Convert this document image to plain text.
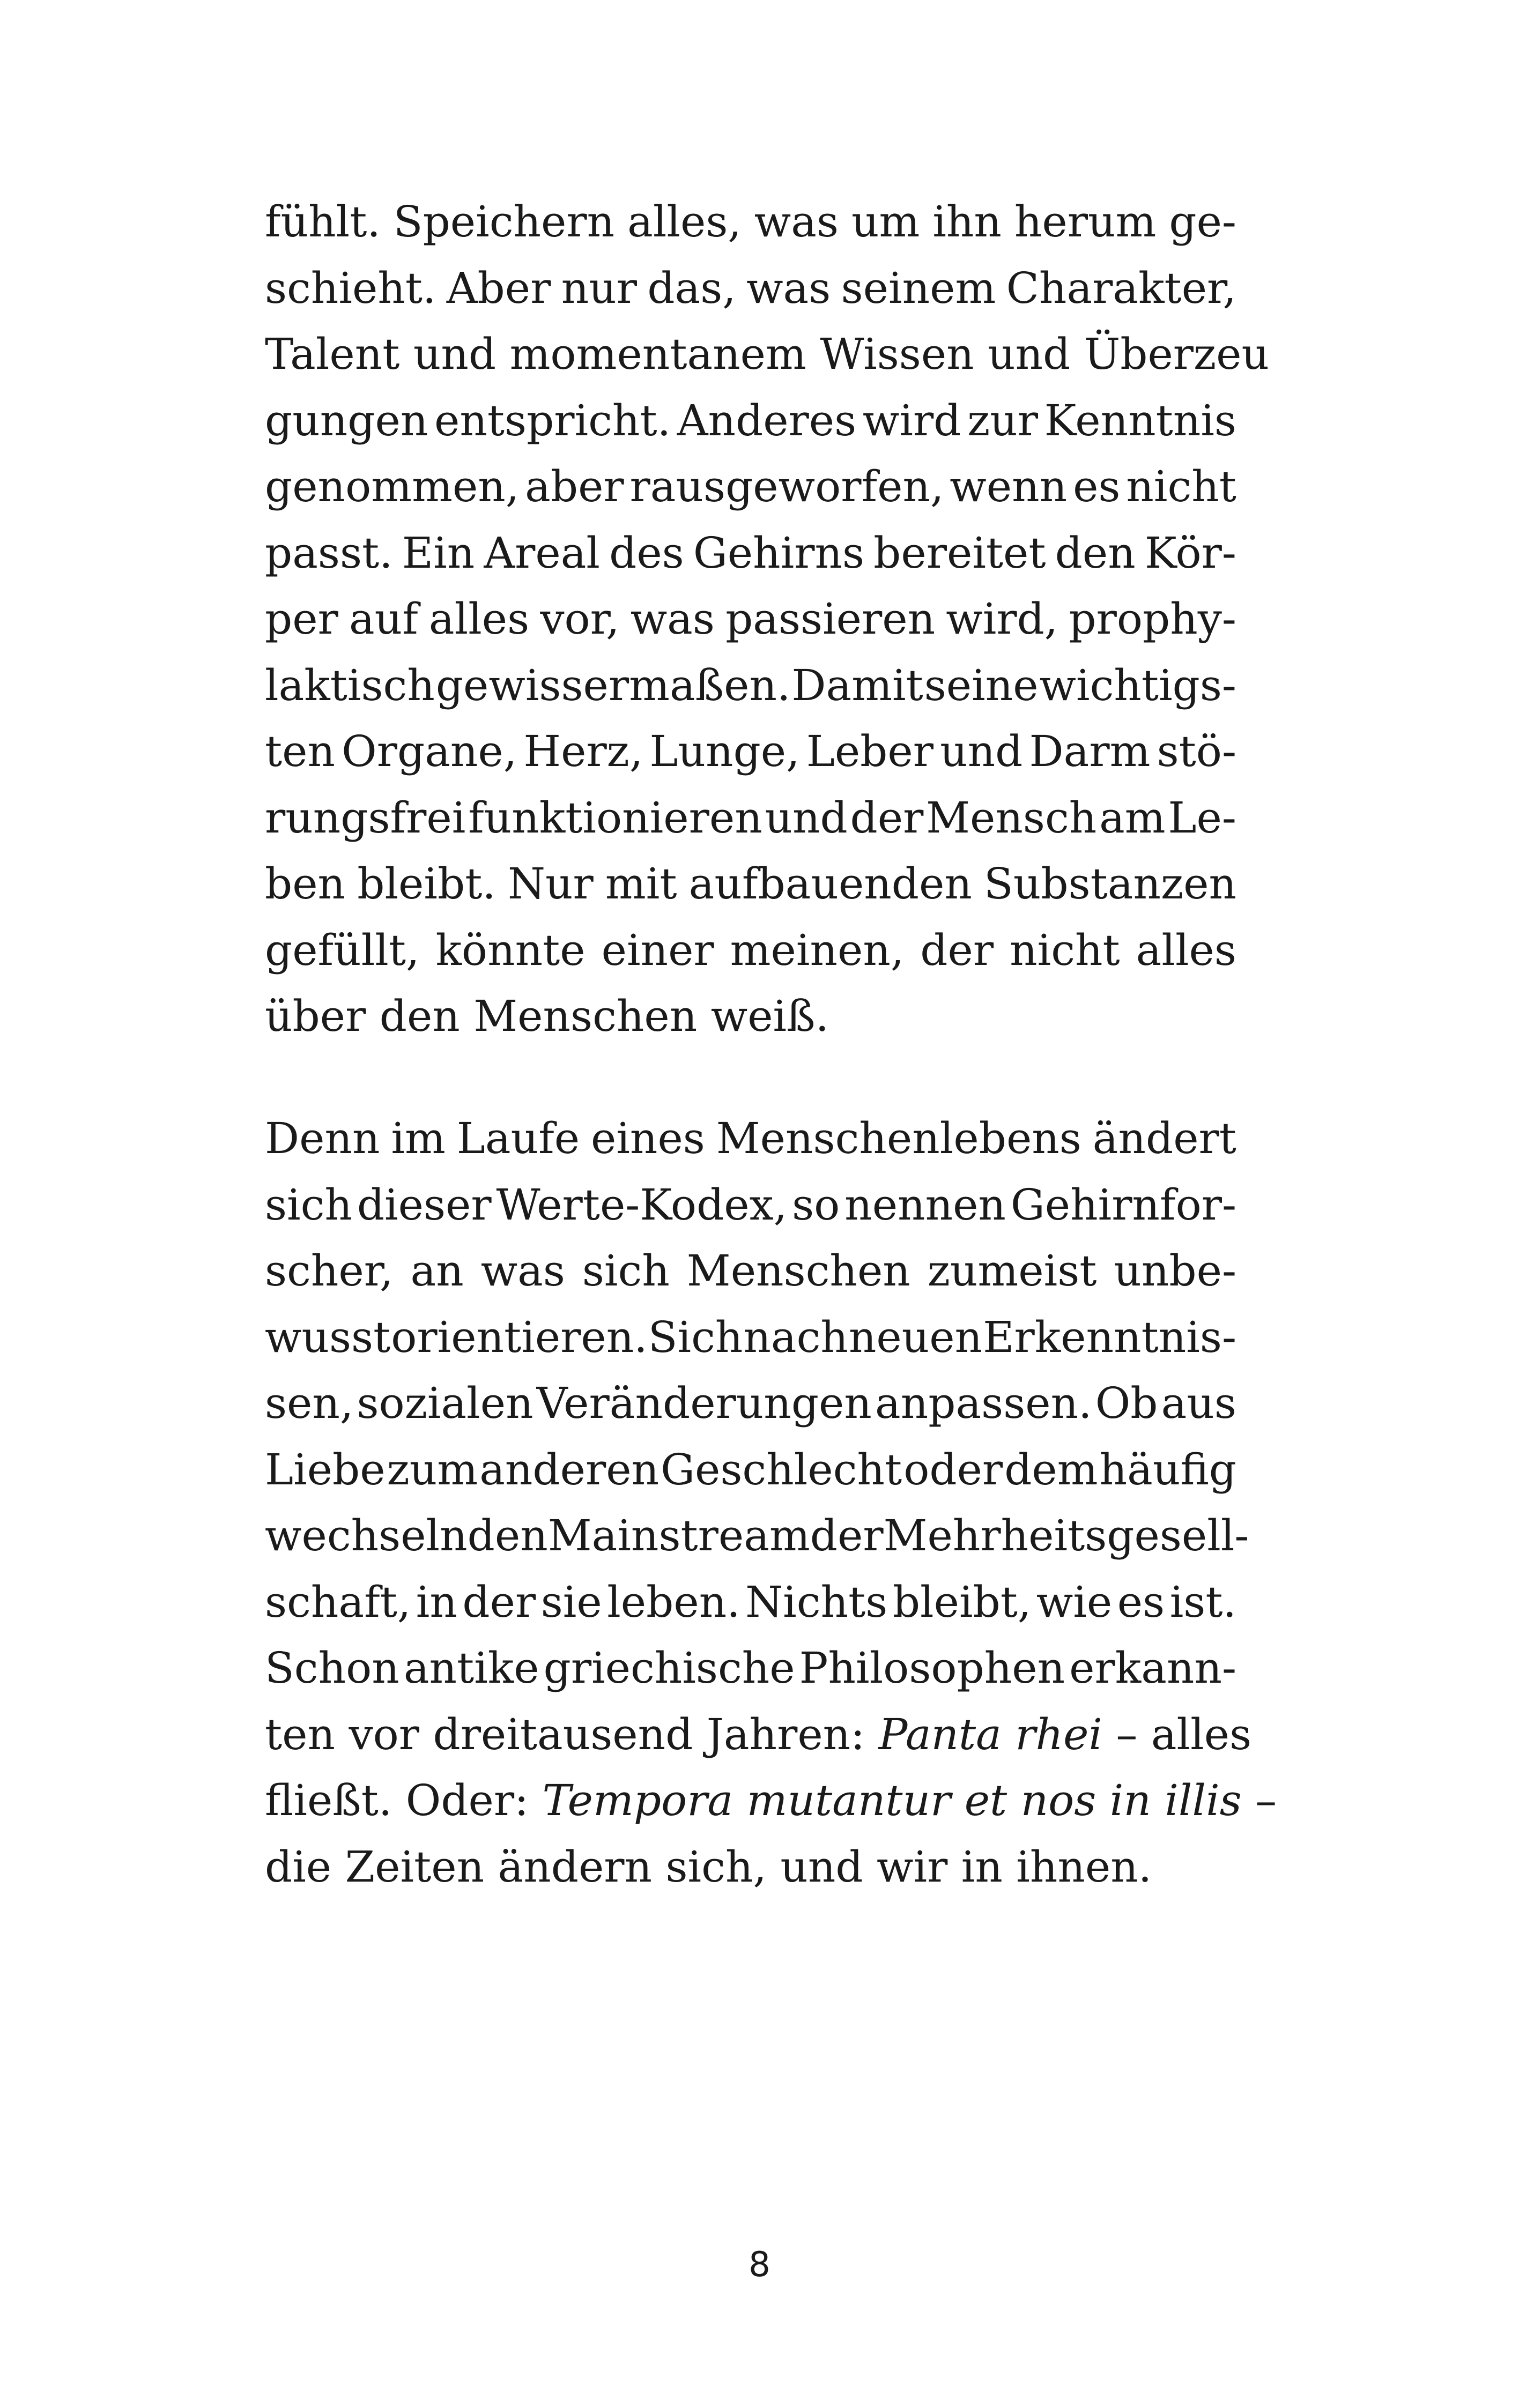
fühlt. Speichern alles, was um ihn herum ge-
schieht. Aber nur das, was seinem Charakter,
Talent und momentanem Wissen und Überzeu
gungen entspricht. Anderes wird zur Kenntnis
genommen, aber rausgeworfen, wenn es nicht
passt. Ein Areal des Gehirns bereitet den Kör-
per auf alles vor, was passieren wird, prophy-
laktisch gewissermaßen. Damit seine wichtigs-
ten Organe, Herz, Lunge, Leber und Darm stö-
rungsfrei funktionieren und der Mensch am Le-
ben bleibt. Nur mit aufbauenden Substanzen
gefüllt, könnte einer meinen, der nicht alles
über den Menschen weiß.
Denn im Laufe eines Menschenlebens ändert
sich dieser Werte-Kodex, so nennen Gehirnfor-
scher, an was sich Menschen zumeist unbe-
wusst orientieren. Sich nach neuen Erkenntnis-
sen, sozialen Veränderungen anpassen. Ob aus
Liebe zum anderen Geschlecht oder dem häufig
wechselnden Mainstream der Mehrheitsgesell-
schaft, in der sie leben. Nichts bleibt, wie es ist.
Schon antike griechische Philosophen erkann-
ten vor dreitausend Jahren: Panta rhei – alles
fließt. Oder: Tempora mutantur et nos in illis –
die Zeiten ändern sich, und wir in ihnen.
8
